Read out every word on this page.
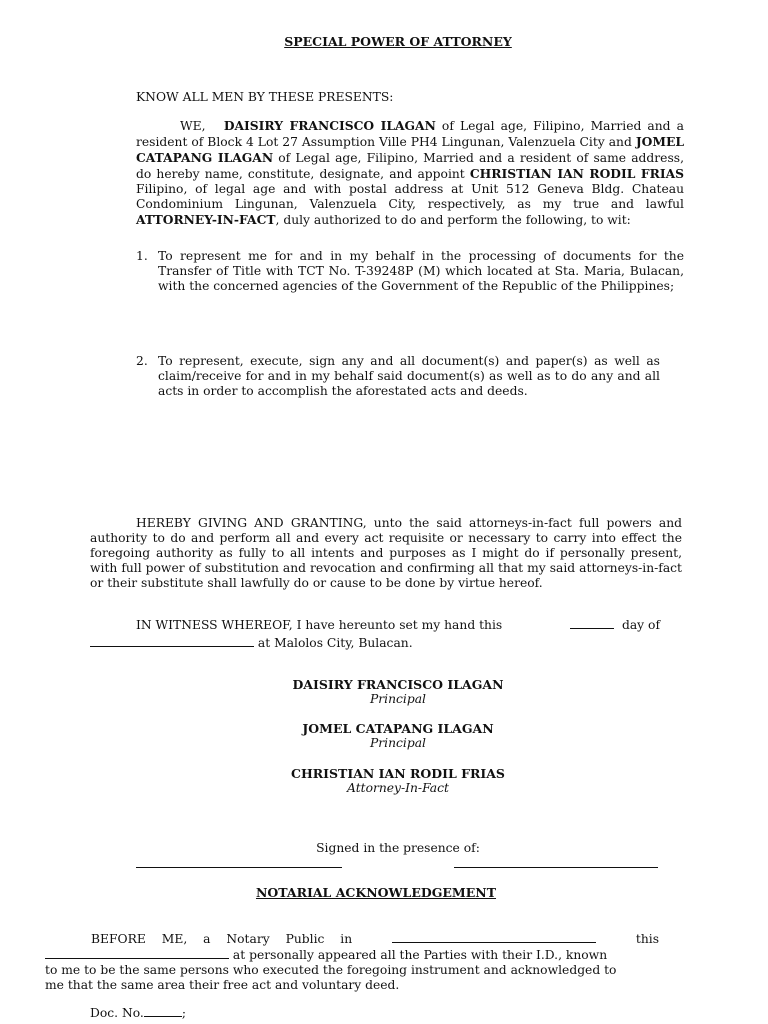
SPECIAL POWER OF ATTORNEY
KNOW ALL MEN BY THESE PRESENTS:
WE, DAISIRY FRANCISCO ILAGAN of Legal age, Filipino, Married and a resident of Block 4 Lot 27 Assumption Ville PH4 Lingunan, Valenzuela City and JOMEL CATAPANG ILAGAN of Legal age, Filipino, Married and a resident of same address, do hereby name, constitute, designate, and appoint CHRISTIAN IAN RODIL FRIAS Filipino, of legal age and with postal address at Unit 512 Geneva Bldg. Chateau Condominium Lingunan, Valenzuela City, respectively, as my true and lawful ATTORNEY-IN-FACT, duly authorized to do and perform the following, to wit:
1. To represent me for and in my behalf in the processing of documents for the Transfer of Title with TCT No. T-39248P (M) which located at Sta. Maria, Bulacan, with the concerned agencies of the Government of the Republic of the Philippines;
2. To represent, execute, sign any and all document(s) and paper(s) as well as claim/receive for and in my behalf said document(s) as well as to do any and all acts in order to accomplish the aforestated acts and deeds.
HEREBY GIVING AND GRANTING, unto the said attorneys-in-fact full powers and authority to do and perform all and every act requisite or necessary to carry into effect the foregoing authority as fully to all intents and purposes as I might do if personally present, with full power of substitution and revocation and confirming all that my said attorneys-in-fact or their substitute shall lawfully do or cause to be done by virtue hereof.
IN WITNESS WHEREOF, I have hereunto set my hand this	day of
at Malolos City, Bulacan.
DAISIRY FRANCISCO ILAGAN
Principal
JOMEL CATAPANG ILAGAN
Principal
CHRISTIAN IAN RODIL FRIAS
Attorney-In-Fact
Signed in the presence of:
NOTARIAL ACKNOWLEDGEMENT
BEFORE ME, a Notary Public in	this
at personally appeared all the Parties with their I.D., known
to me to be the same persons who executed the foregoing instrument and acknowledged to
me that the same area their free act and voluntary deed.
Doc. No.	;
